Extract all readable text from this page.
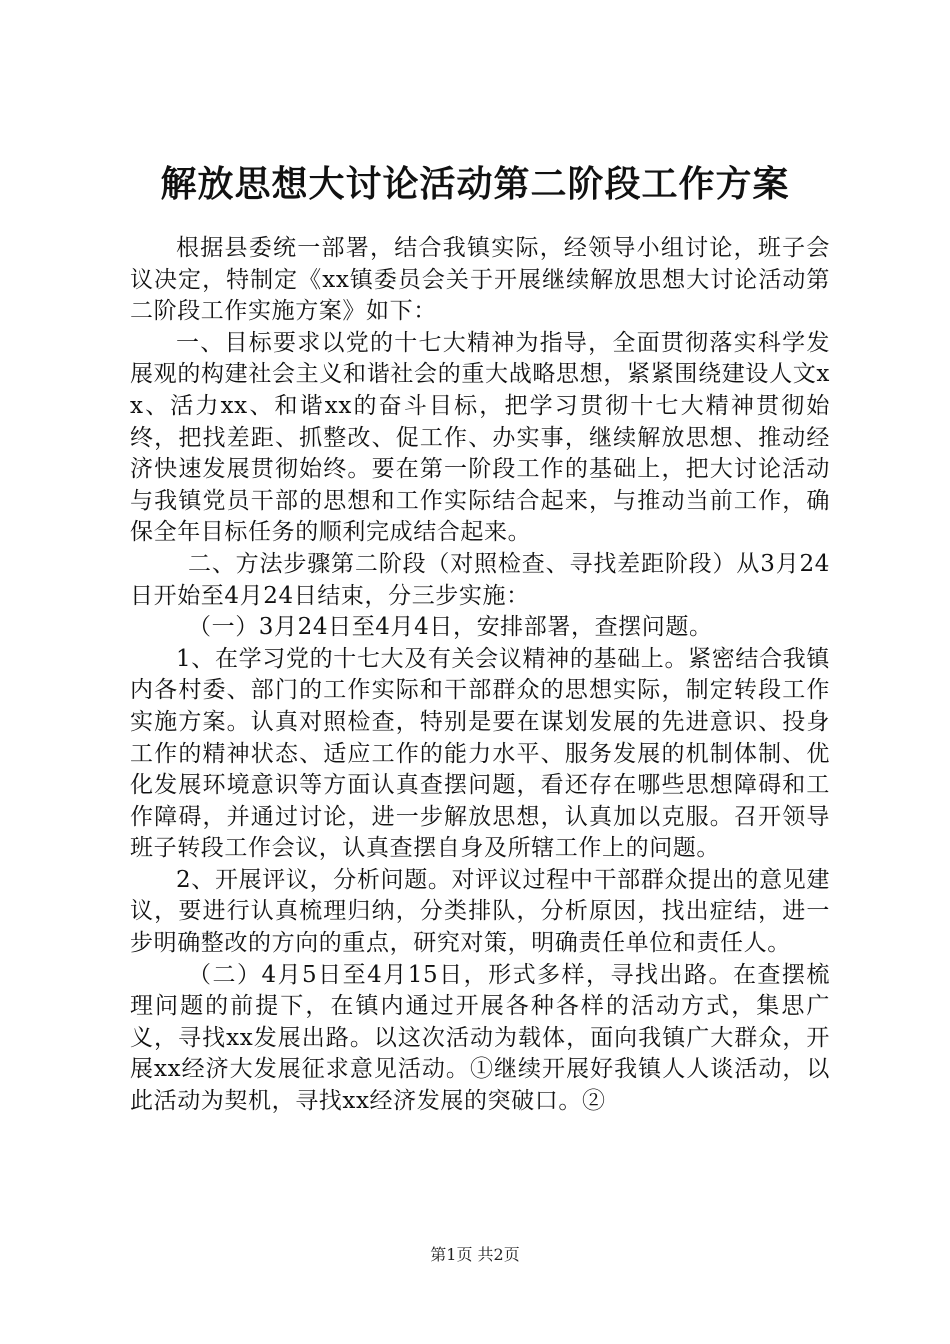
解放思想大讨论活动第二阶段工作方案

根据县委统一部署，结合我镇实际，经领导小组讨论，班子会议决定，特制定《xx镇委员会关于开展继续解放思想大讨论活动第二阶段工作实施方案》如下：

一、目标要求以党的十七大精神为指导，全面贯彻落实科学发展观的构建社会主义和谐社会的重大战略思想，紧紧围绕建设人文xx、活力xx、和谐xx的奋斗目标，把学习贯彻十七大精神贯彻始终，把找差距、抓整改、促工作、办实事，继续解放思想、推动经济快速发展贯彻始终。要在第一阶段工作的基础上，把大讨论活动与我镇党员干部的思想和工作实际结合起来，与推动当前工作，确保全年目标任务的顺利完成结合起来。

二、方法步骤第二阶段（对照检查、寻找差距阶段）从3月24日开始至4月24日结束，分三步实施：

（一）3月24日至4月4日，安排部署，查摆问题。

1、在学习党的十七大及有关会议精神的基础上。紧密结合我镇内各村委、部门的工作实际和干部群众的思想实际，制定转段工作实施方案。认真对照检查，特别是要在谋划发展的先进意识、投身工作的精神状态、适应工作的能力水平、服务发展的机制体制、优化发展环境意识等方面认真查摆问题，看还存在哪些思想障碍和工作障碍，并通过讨论，进一步解放思想，认真加以克服。召开领导班子转段工作会议，认真查摆自身及所辖工作上的问题。

2、开展评议，分析问题。对评议过程中干部群众提出的意见建议，要进行认真梳理归纳，分类排队，分析原因，找出症结，进一步明确整改的方向的重点，研究对策，明确责任单位和责任人。

（二）4月5日至4月15日，形式多样，寻找出路。在查摆梳理问题的前提下，在镇内通过开展各种各样的活动方式，集思广义，寻找xx发展出路。以这次活动为载体，面向我镇广大群众，开展xx经济大发展征求意见活动。①继续开展好我镇人人谈活动，以此活动为契机，寻找xx经济发展的突破口。②

第1页 共2页
